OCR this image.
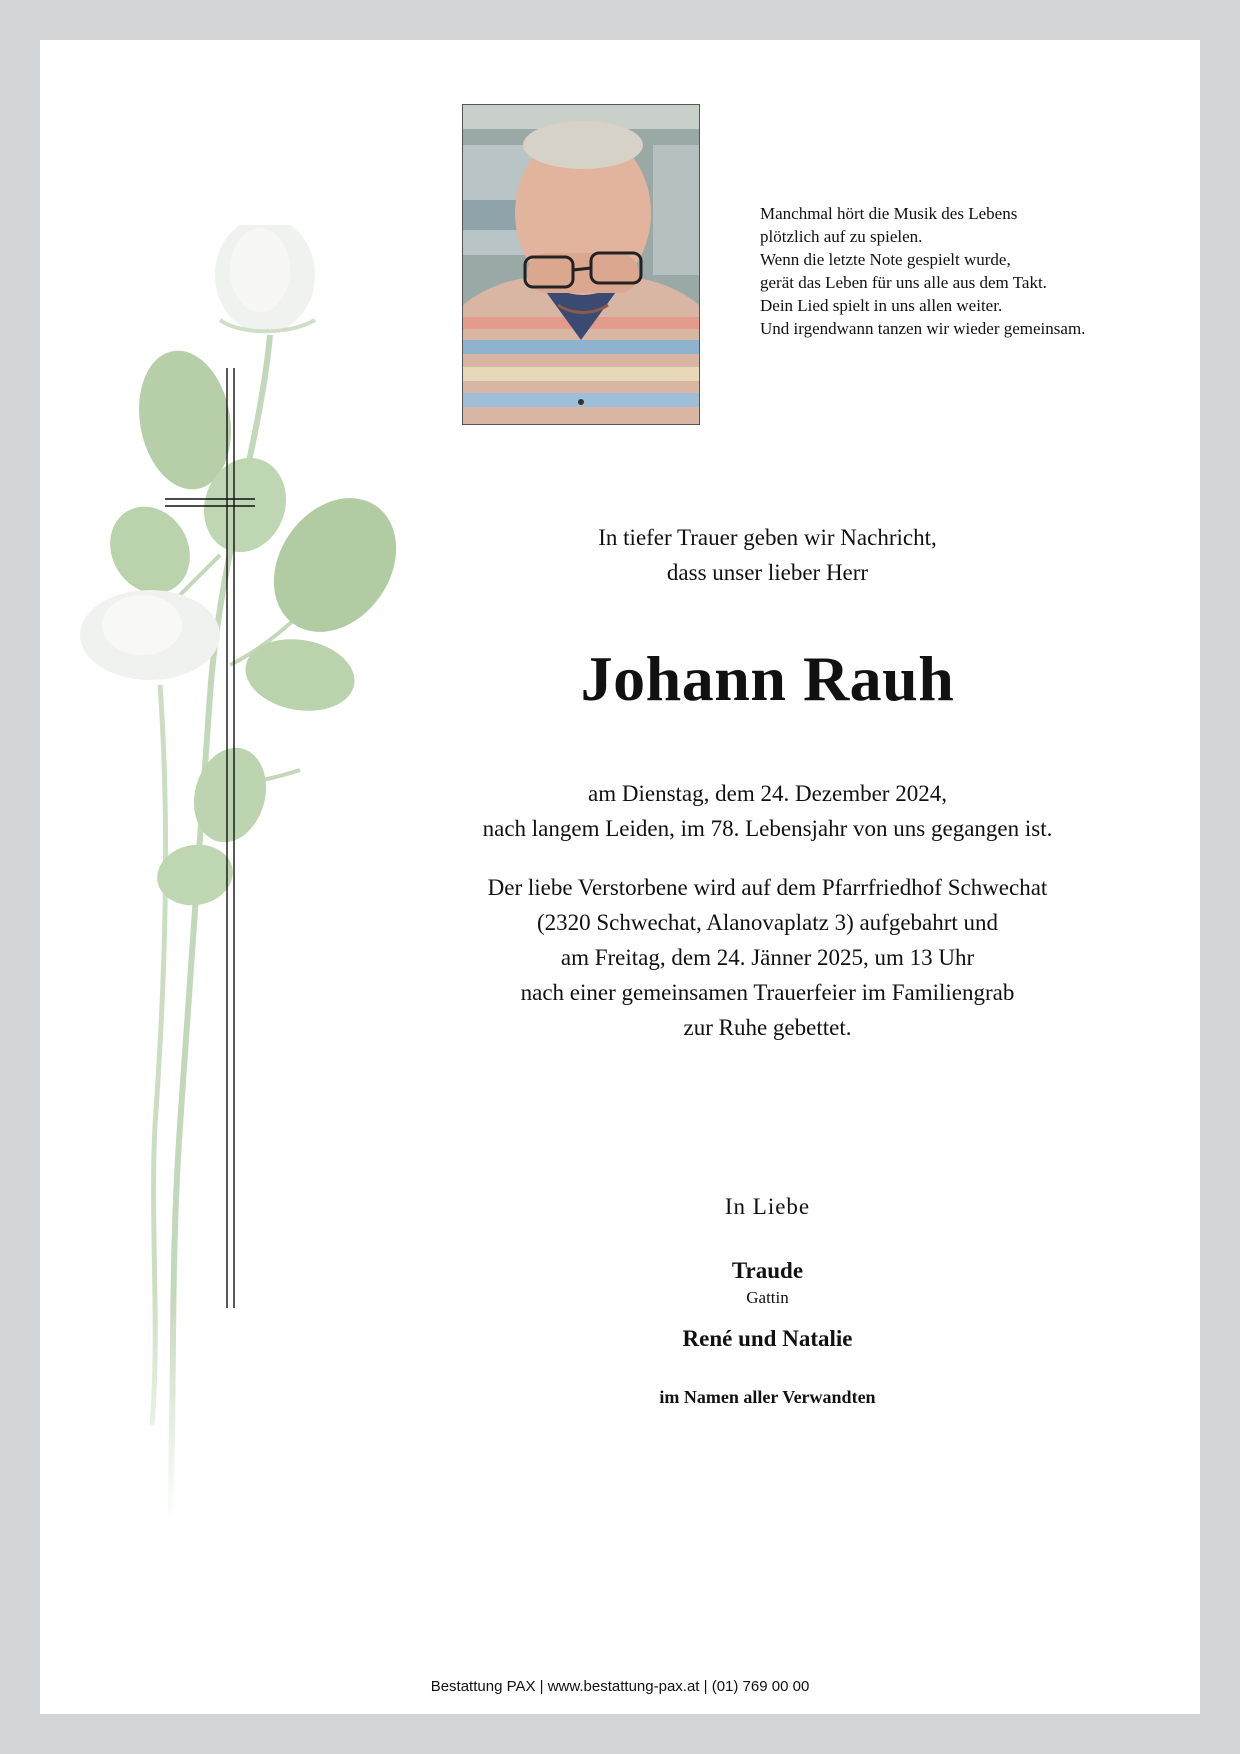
Manchmal hört die Musik des Lebens
plötzlich auf zu spielen.
Wenn die letzte Note gespielt wurde,
gerät das Leben für uns alle aus dem Takt.
Dein Lied spielt in uns allen weiter.
Und irgendwann tanzen wir wieder gemeinsam.
In tiefer Trauer geben wir Nachricht,
dass unser lieber Herr
Johann Rauh
am Dienstag, dem 24. Dezember 2024,
nach langem Leiden, im 78. Lebensjahr von uns gegangen ist.
Der liebe Verstorbene wird auf dem Pfarrfriedhof Schwechat
(2320 Schwechat, Alanovaplatz 3) aufgebahrt und
am Freitag, dem 24. Jänner 2025, um 13 Uhr
nach einer gemeinsamen Trauerfeier im Familiengrab
zur Ruhe gebettet.
In Liebe
Traude
Gattin
René und Natalie
im Namen aller Verwandten
Bestattung PAX | www.bestattung-pax.at | (01) 769 00 00
